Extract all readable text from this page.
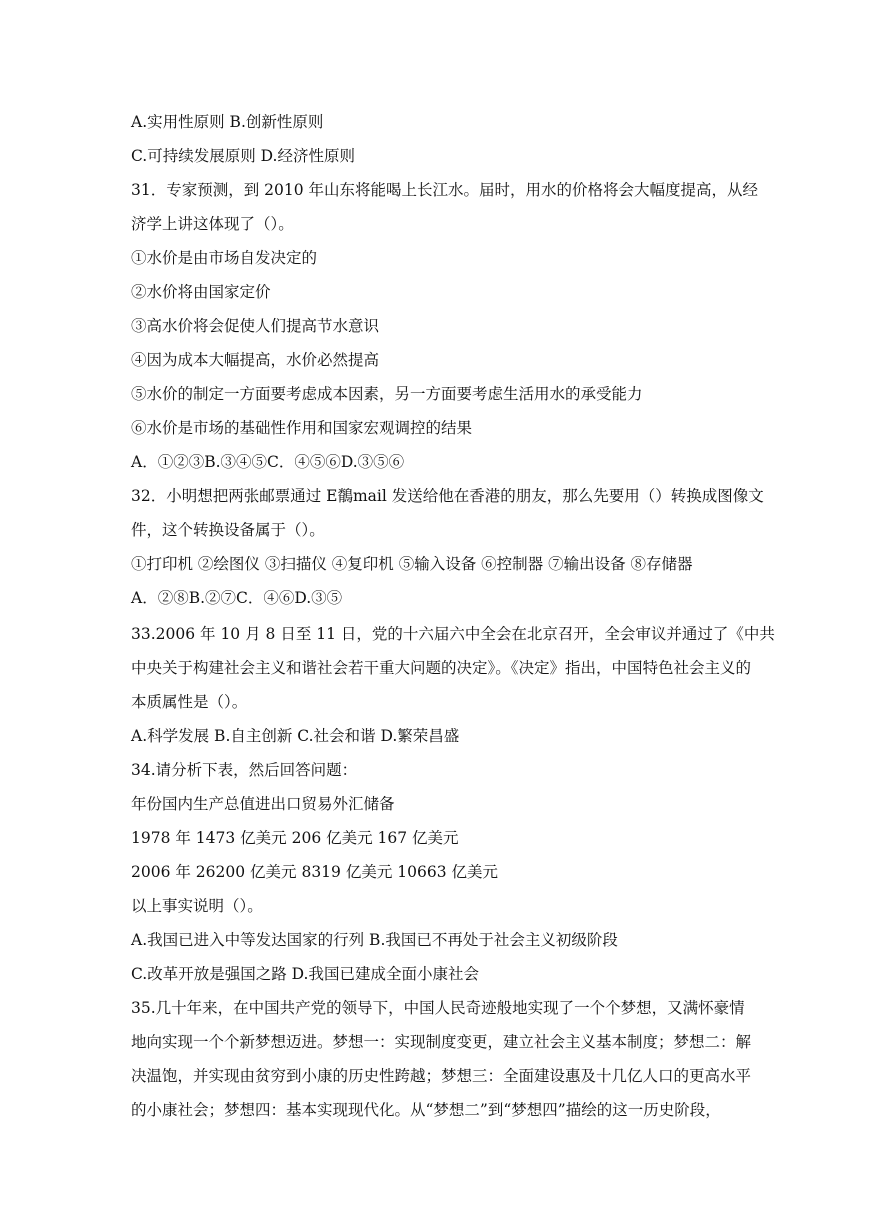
A.实用性原则 B.创新性原则
C.可持续发展原则 D.经济性原则
31．专家预测，到 2010 年山东将能喝上长江水。届时，用水的价格将会大幅度提高，从经
济学上讲这体现了（）。
①水价是由市场自发决定的
②水价将由国家定价
③高水价将会促使人们提高节水意识
④因为成本大幅提高，水价必然提高
⑤水价的制定一方面要考虑成本因素，另一方面要考虑生活用水的承受能力
⑥水价是市场的基础性作用和国家宏观调控的结果
A．①②③B.③④⑤C．④⑤⑥D.③⑤⑥
32．小明想把两张邮票通过 E鶺mail 发送给他在香港的朋友，那么先要用（）转换成图像文
件，这个转换设备属于（）。
①打印机 ②绘图仪 ③扫描仪 ④复印机 ⑤输入设备 ⑥控制器 ⑦输出设备 ⑧存储器
A．②⑧B.②⑦C．④⑥D.③⑤
33.2006 年 10 月 8 日至 11 日，党的十六届六中全会在北京召开，全会审议并通过了《中共
中央关于构建社会主义和谐社会若干重大问题的决定》。《决定》指出，中国特色社会主义的
本质属性是（）。
A.科学发展 B.自主创新 C.社会和谐 D.繁荣昌盛
34.请分析下表，然后回答问题：
年份国内生产总值进出口贸易外汇储备
1978 年 1473 亿美元 206 亿美元 167 亿美元
2006 年 26200 亿美元 8319 亿美元 10663 亿美元
以上事实说明（）。
A.我国已进入中等发达国家的行列 B.我国已不再处于社会主义初级阶段
C.改革开放是强国之路 D.我国已建成全面小康社会
35.几十年来，在中国共产党的领导下，中国人民奇迹般地实现了一个个梦想，又满怀豪情
地向实现一个个新梦想迈进。梦想一：实现制度变更，建立社会主义基本制度；梦想二：解
决温饱，并实现由贫穷到小康的历史性跨越；梦想三：全面建设惠及十几亿人口的更高水平
的小康社会；梦想四：基本实现现代化。从“梦想二”到“梦想四”描绘的这一历史阶段，
